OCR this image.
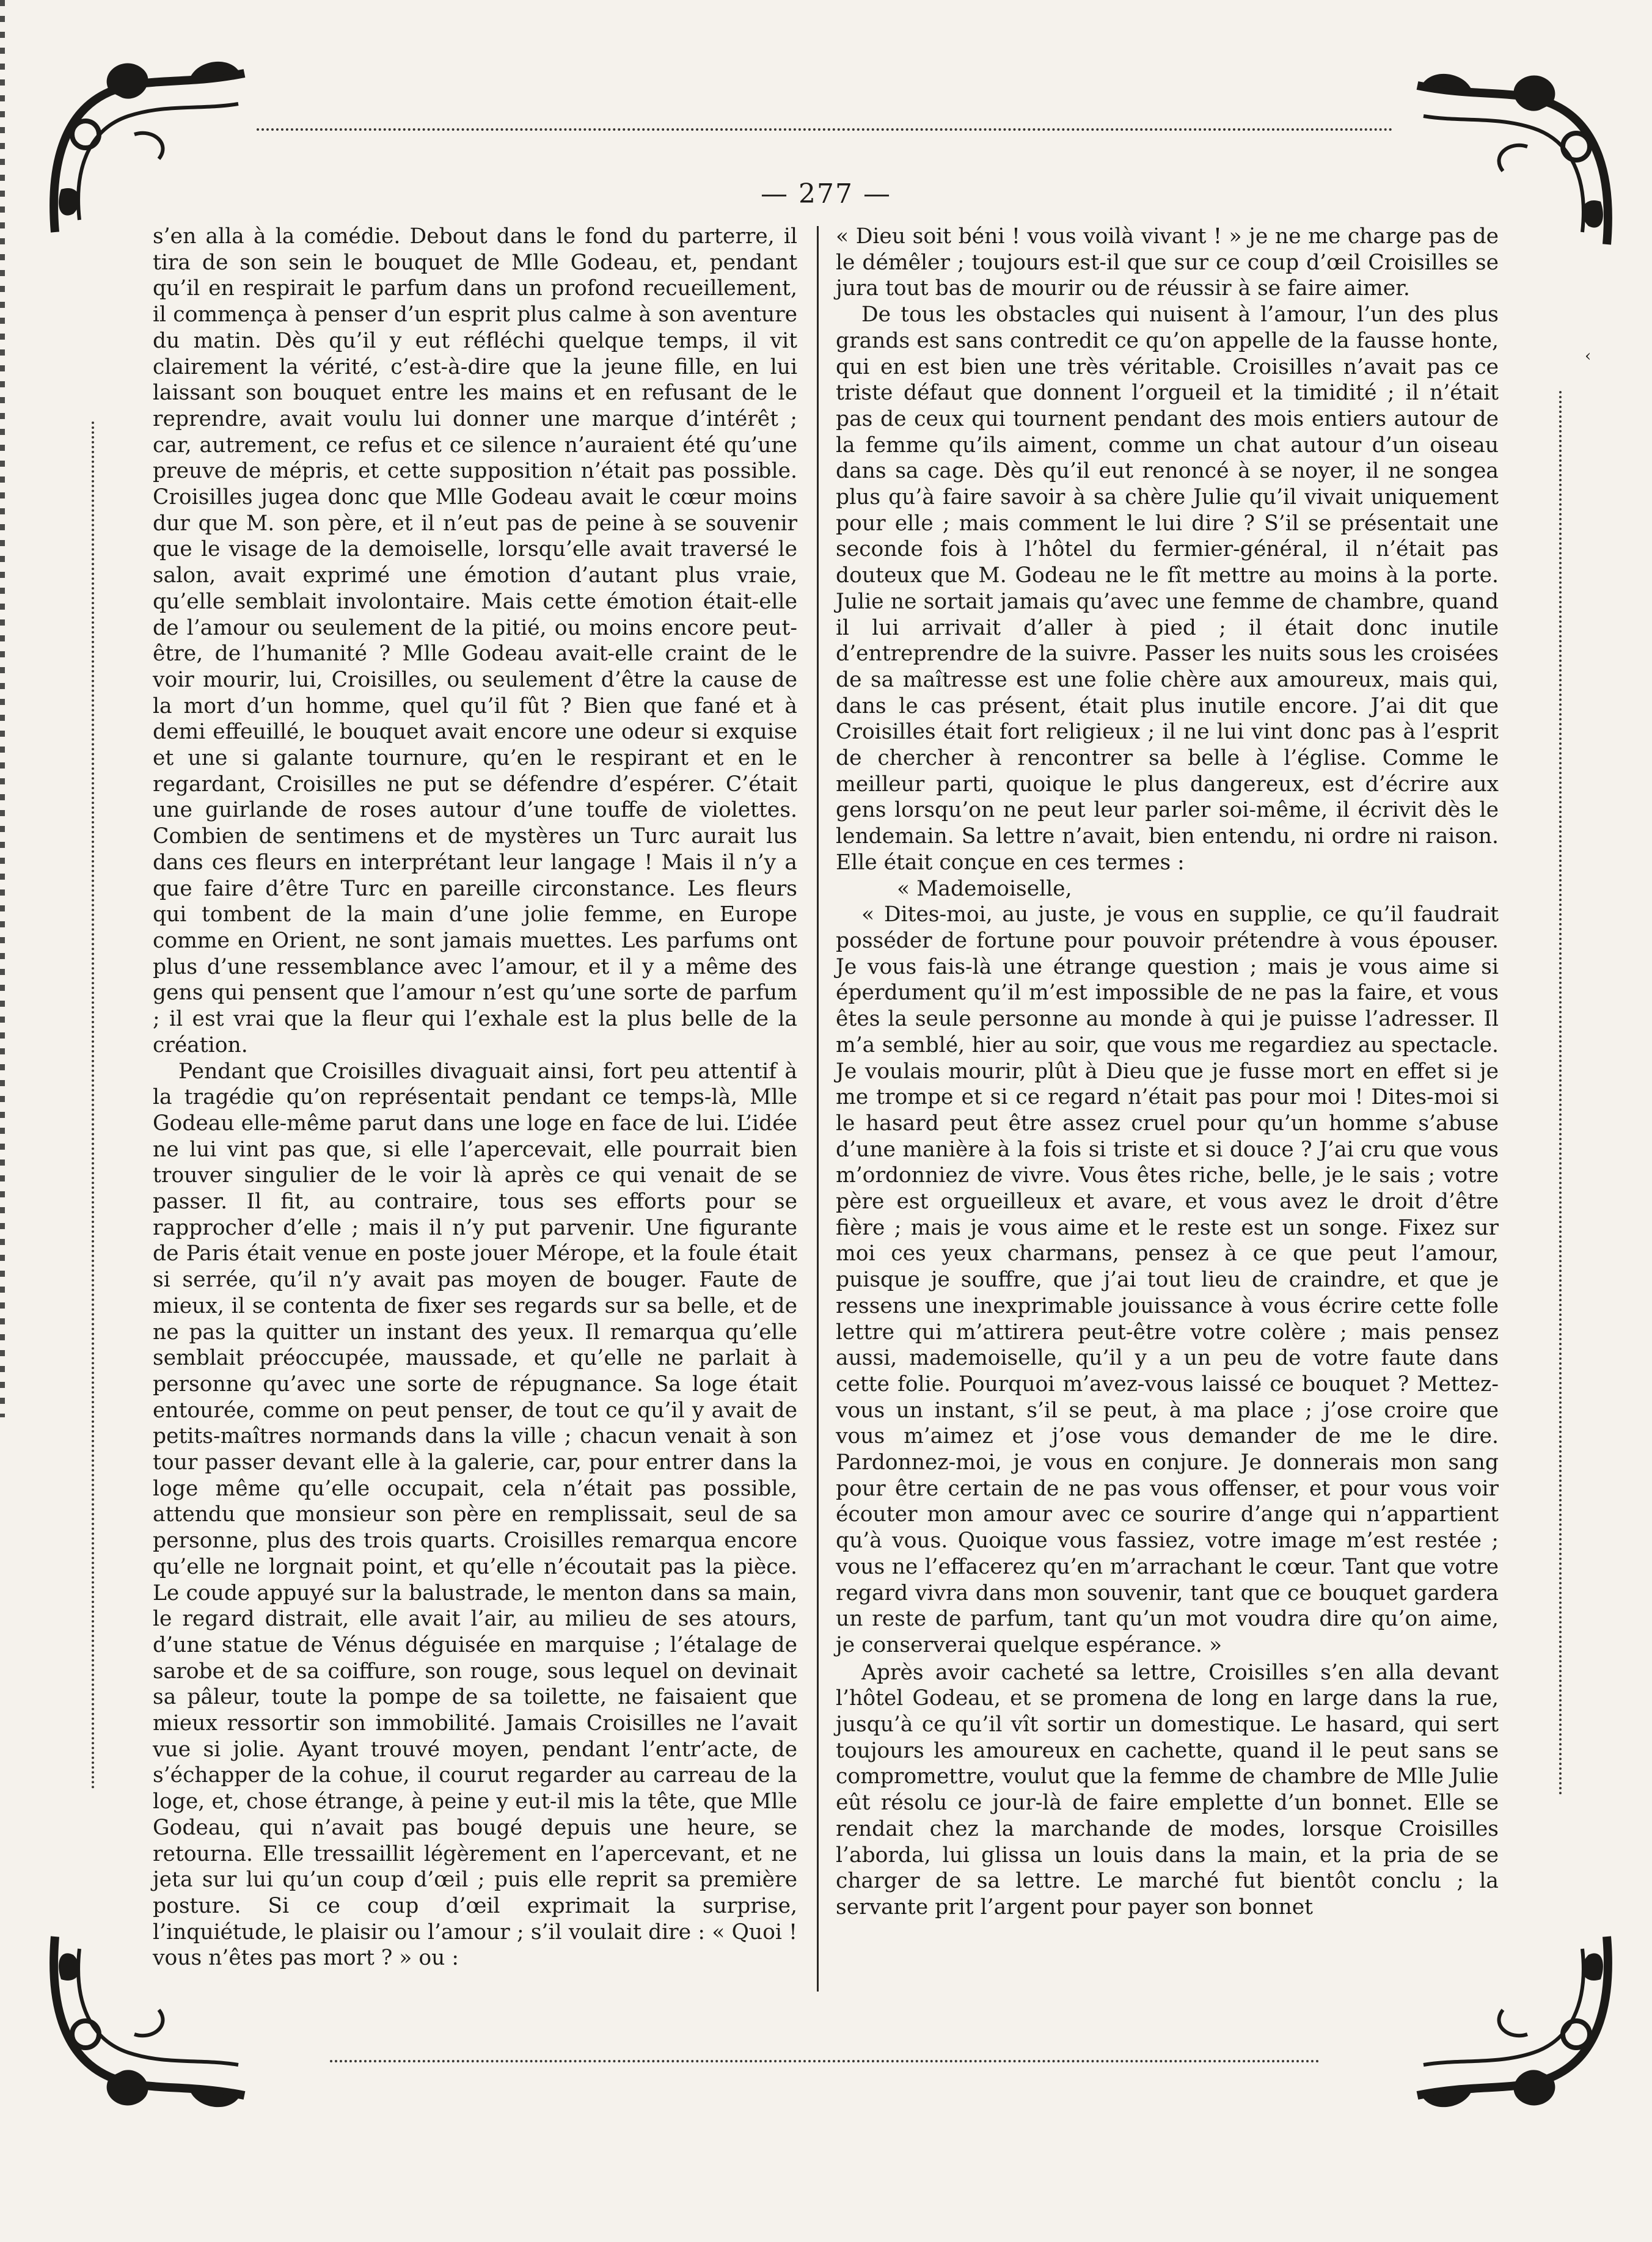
— 277 —

s’en alla à la comédie. Debout dans le fond du parterre, il tira de son sein le bouquet de Mlle Godeau, et, pendant qu’il en respirait le parfum dans un profond recueillement, il commença à penser d’un esprit plus calme à son aventure du matin. Dès qu’il y eut réfléchi quelque temps, il vit clairement la vérité, c’est-à-dire que la jeune fille, en lui laissant son bouquet entre les mains et en refusant de le reprendre, avait voulu lui donner une marque d’intérêt ; car, autrement, ce refus et ce silence n’auraient été qu’une preuve de mépris, et cette supposition n’était pas possible. Croisilles jugea donc que Mlle Godeau avait le cœur moins dur que M. son père, et il n’eut pas de peine à se souvenir que le visage de la demoiselle, lorsqu’elle avait traversé le salon, avait exprimé une émotion d’autant plus vraie, qu’elle semblait involontaire. Mais cette émotion était-elle de l’amour ou seulement de la pitié, ou moins encore peut-être, de l’humanité ? Mlle Godeau avait-elle craint de le voir mourir, lui, Croisilles, ou seulement d’être la cause de la mort d’un homme, quel qu’il fût ? Bien que fané et à demi effeuillé, le bouquet avait encore une odeur si exquise et une si galante tournure, qu’en le respirant et en le regardant, Croisilles ne put se défendre d’espérer. C’était une guirlande de roses autour d’une touffe de violettes. Combien de sentimens et de mystères un Turc aurait lus dans ces fleurs en interprétant leur langage ! Mais il n’y a que faire d’être Turc en pareille circonstance. Les fleurs qui tombent de la main d’une jolie femme, en Europe comme en Orient, ne sont jamais muettes. Les parfums ont plus d’une ressemblance avec l’amour, et il y a même des gens qui pensent que l’amour n’est qu’une sorte de parfum ; il est vrai que la fleur qui l’exhale est la plus belle de la création.

Pendant que Croisilles divaguait ainsi, fort peu attentif à la tragédie qu’on représentait pendant ce temps-là, Mlle Godeau elle-même parut dans une loge en face de lui. L’idée ne lui vint pas que, si elle l’apercevait, elle pourrait bien trouver singulier de le voir là après ce qui venait de se passer. Il fit, au contraire, tous ses efforts pour se rapprocher d’elle ; mais il n’y put parvenir. Une figurante de Paris était venue en poste jouer Mérope, et la foule était si serrée, qu’il n’y avait pas moyen de bouger. Faute de mieux, il se contenta de fixer ses regards sur sa belle, et de ne pas la quitter un instant des yeux. Il remarqua qu’elle semblait préoccupée, maussade, et qu’elle ne parlait à personne qu’avec une sorte de répugnance. Sa loge était entourée, comme on peut penser, de tout ce qu’il y avait de petits-maîtres normands dans la ville ; chacun venait à son tour passer devant elle à la galerie, car, pour entrer dans la loge même qu’elle occupait, cela n’était pas possible, attendu que monsieur son père en remplissait, seul de sa personne, plus des trois quarts. Croisilles remarqua encore qu’elle ne lorgnait point, et qu’elle n’écoutait pas la pièce. Le coude appuyé sur la balustrade, le menton dans sa main, le regard distrait, elle avait l’air, au milieu de ses atours, d’une statue de Vénus déguisée en marquise ; l’étalage de sarobe et de sa coiffure, son rouge, sous lequel on devinait sa pâleur, toute la pompe de sa toilette, ne faisaient que mieux ressortir son immobilité. Jamais Croisilles ne l’avait vue si jolie. Ayant trouvé moyen, pendant l’entr’acte, de s’échapper de la cohue, il courut regarder au carreau de la loge, et, chose étrange, à peine y eut-il mis la tête, que Mlle Godeau, qui n’avait pas bougé depuis une heure, se retourna. Elle tressaillit légèrement en l’apercevant, et ne jeta sur lui qu’un coup d’œil ; puis elle reprit sa première posture. Si ce coup d’œil exprimait la surprise, l’inquiétude, le plaisir ou l’amour ; s’il voulait dire : « Quoi ! vous n’êtes pas mort ? » ou :

« Dieu soit béni ! vous voilà vivant ! » je ne me charge pas de le démêler ; toujours est-il que sur ce coup d’œil Croisilles se jura tout bas de mourir ou de réussir à se faire aimer.

De tous les obstacles qui nuisent à l’amour, l’un des plus grands est sans contredit ce qu’on appelle de la fausse honte, qui en est bien une très véritable. Croisilles n’avait pas ce triste défaut que donnent l’orgueil et la timidité ; il n’était pas de ceux qui tournent pendant des mois entiers autour de la femme qu’ils aiment, comme un chat autour d’un oiseau dans sa cage. Dès qu’il eut renoncé à se noyer, il ne songea plus qu’à faire savoir à sa chère Julie qu’il vivait uniquement pour elle ; mais comment le lui dire ? S’il se présentait une seconde fois à l’hôtel du fermier-général, il n’était pas douteux que M. Godeau ne le fît mettre au moins à la porte. Julie ne sortait jamais qu’avec une femme de chambre, quand il lui arrivait d’aller à pied ; il était donc inutile d’entreprendre de la suivre. Passer les nuits sous les croisées de sa maîtresse est une folie chère aux amoureux, mais qui, dans le cas présent, était plus inutile encore. J’ai dit que Croisilles était fort religieux ; il ne lui vint donc pas à l’esprit de chercher à rencontrer sa belle à l’église. Comme le meilleur parti, quoique le plus dangereux, est d’écrire aux gens lorsqu’on ne peut leur parler soi-même, il écrivit dès le lendemain. Sa lettre n’avait, bien entendu, ni ordre ni raison. Elle était conçue en ces termes :

« Mademoiselle,

« Dites-moi, au juste, je vous en supplie, ce qu’il faudrait posséder de fortune pour pouvoir prétendre à vous épouser. Je vous fais-là une étrange question ; mais je vous aime si éperdument qu’il m’est impossible de ne pas la faire, et vous êtes la seule personne au monde à qui je puisse l’adresser. Il m’a semblé, hier au soir, que vous me regardiez au spectacle. Je voulais mourir, plût à Dieu que je fusse mort en effet si je me trompe et si ce regard n’était pas pour moi ! Dites-moi si le hasard peut être assez cruel pour qu’un homme s’abuse d’une manière à la fois si triste et si douce ? J’ai cru que vous m’ordonniez de vivre. Vous êtes riche, belle, je le sais ; votre père est orgueilleux et avare, et vous avez le droit d’être fière ; mais je vous aime et le reste est un songe. Fixez sur moi ces yeux charmans, pensez à ce que peut l’amour, puisque je souffre, que j’ai tout lieu de craindre, et que je ressens une inexprimable jouissance à vous écrire cette folle lettre qui m’attirera peut-être votre colère ; mais pensez aussi, mademoiselle, qu’il y a un peu de votre faute dans cette folie. Pourquoi m’avez-vous laissé ce bouquet ? Mettez-vous un instant, s’il se peut, à ma place ; j’ose croire que vous m’aimez et j’ose vous demander de me le dire. Pardonnez-moi, je vous en conjure. Je donnerais mon sang pour être certain de ne pas vous offenser, et pour vous voir écouter mon amour avec ce sourire d’ange qui n’appartient qu’à vous. Quoique vous fassiez, votre image m’est restée ; vous ne l’effacerez qu’en m’arrachant le cœur. Tant que votre regard vivra dans mon souvenir, tant que ce bouquet gardera un reste de parfum, tant qu’un mot voudra dire qu’on aime, je conserverai quelque espérance. »

Après avoir cacheté sa lettre, Croisilles s’en alla devant l’hôtel Godeau, et se promena de long en large dans la rue, jusqu’à ce qu’il vît sortir un domestique. Le hasard, qui sert toujours les amoureux en cachette, quand il le peut sans se compromettre, voulut que la femme de chambre de Mlle Julie eût résolu ce jour-là de faire emplette d’un bonnet. Elle se rendait chez la marchande de modes, lorsque Croisilles l’aborda, lui glissa un louis dans la main, et la pria de se charger de sa lettre. Le marché fut bientôt conclu ; la servante prit l’argent pour payer son bonnet

‹
